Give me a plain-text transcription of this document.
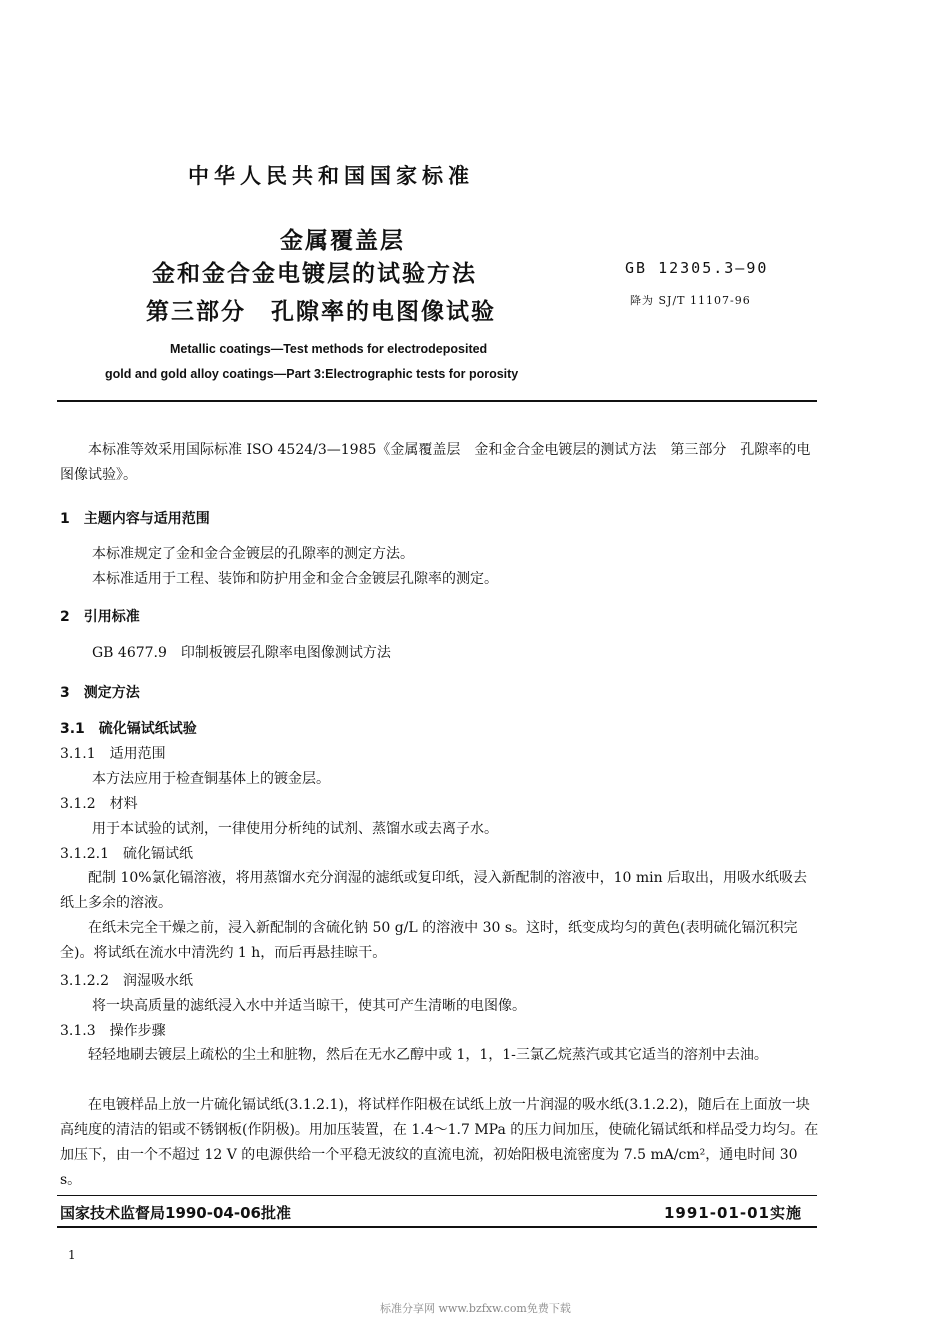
中华人民共和国国家标准
金属覆盖层
金和金合金电镀层的试验方法
第三部分　孔隙率的电图像试验
GB 12305.3—90
降为 SJ/T 11107-96
Metallic coatings—Test methods for electrodeposited
gold and gold alloy coatings—Part 3:Electrographic tests for porosity
本标准等效采用国际标准 ISO 4524/3—1985《金属覆盖层　金和金合金电镀层的测试方法　第三部分　孔隙率的电图像试验》。
1　主题内容与适用范围
本标准规定了金和金合金镀层的孔隙率的测定方法。
本标准适用于工程、装饰和防护用金和金合金镀层孔隙率的测定。
2　引用标准
GB 4677.9　印制板镀层孔隙率电图像测试方法
3　测定方法
3.1　硫化镉试纸试验
3.1.1　适用范围
本方法应用于检查铜基体上的镀金层。
3.1.2　材料
用于本试验的试剂，一律使用分析纯的试剂、蒸馏水或去离子水。
3.1.2.1　硫化镉试纸
配制 10%氯化镉溶液，将用蒸馏水充分润湿的滤纸或复印纸，浸入新配制的溶液中，10 min 后取出，用吸水纸吸去纸上多余的溶液。
在纸未完全干燥之前，浸入新配制的含硫化钠 50 g/L 的溶液中 30 s。这时，纸变成均匀的黄色(表明硫化镉沉积完全)。将试纸在流水中清洗约 1 h，而后再悬挂晾干。
3.1.2.2　润湿吸水纸
将一块高质量的滤纸浸入水中并适当晾干，使其可产生清晰的电图像。
3.1.3　操作步骤
轻轻地刷去镀层上疏松的尘土和脏物，然后在无水乙醇中或 1，1，1-三氯乙烷蒸汽或其它适当的溶剂中去油。
在电镀样品上放一片硫化镉试纸(3.1.2.1)，将试样作阳极在试纸上放一片润湿的吸水纸(3.1.2.2)，随后在上面放一块高纯度的清洁的铝或不锈钢板(作阴极)。用加压装置，在 1.4～1.7 MPa 的压力间加压，使硫化镉试纸和样品受力均匀。在加压下，由一个不超过 12 V 的电源供给一个平稳无波纹的直流电流，初始阳极电流密度为 7.5 mA/cm²，通电时间 30 s。
国家技术监督局1990-04-06批准	1991-01-01实施
1
标准分享网 www.bzfxw.com免费下载
